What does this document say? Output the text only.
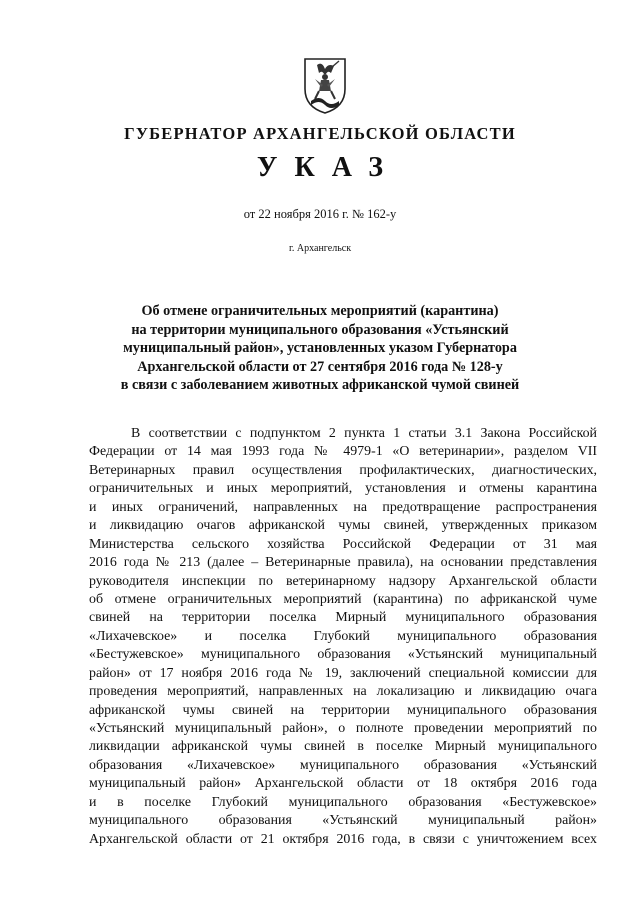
ГУБЕРНАТОР АРХАНГЕЛЬСКОЙ ОБЛАСТИ
УКАЗ
от 22 ноября 2016 г. № 162-у
г. Архангельск
Об отмене ограничительных мероприятий (карантина)
на территории муниципального образования «Устьянский
муниципальный район», установленных указом Губернатора
Архангельской области от 27 сентября 2016 года № 128-у
в связи с заболеванием животных африканской чумой свиней
В соответствии с подпунктом 2 пункта 1 статьи 3.1 Закона Российской
Федерации от 14 мая 1993 года № 4979-1 «О ветеринарии», разделом VII
Ветеринарных правил осуществления профилактических, диагностических,
ограничительных и иных мероприятий, установления и отмены карантина
и иных ограничений, направленных на предотвращение распространения
и ликвидацию очагов африканской чумы свиней, утвержденных приказом
Министерства сельского хозяйства Российской Федерации от 31 мая
2016 года № 213 (далее – Ветеринарные правила), на основании представления
руководителя инспекции по ветеринарному надзору Архангельской области
об отмене ограничительных мероприятий (карантина) по африканской чуме
свиней на территории поселка Мирный муниципального образования
«Лихачевское» и поселка Глубокий муниципального образования
«Бестужевское» муниципального образования «Устьянский муниципальный
район» от 17 ноября 2016 года № 19, заключений специальной комиссии для
проведения мероприятий, направленных на локализацию и ликвидацию очага
африканской чумы свиней на территории муниципального образования
«Устьянский муниципальный район», о полноте проведении мероприятий по
ликвидации африканской чумы свиней в поселке Мирный муниципального
образования «Лихачевское» муниципального образования «Устьянский
муниципальный район» Архангельской области от 18 октября 2016 года
и в поселке Глубокий муниципального образования «Бестужевское»
муниципального образования «Устьянский муниципальный район»
Архангельской области от 21 октября 2016 года, в связи с уничтожением всех
